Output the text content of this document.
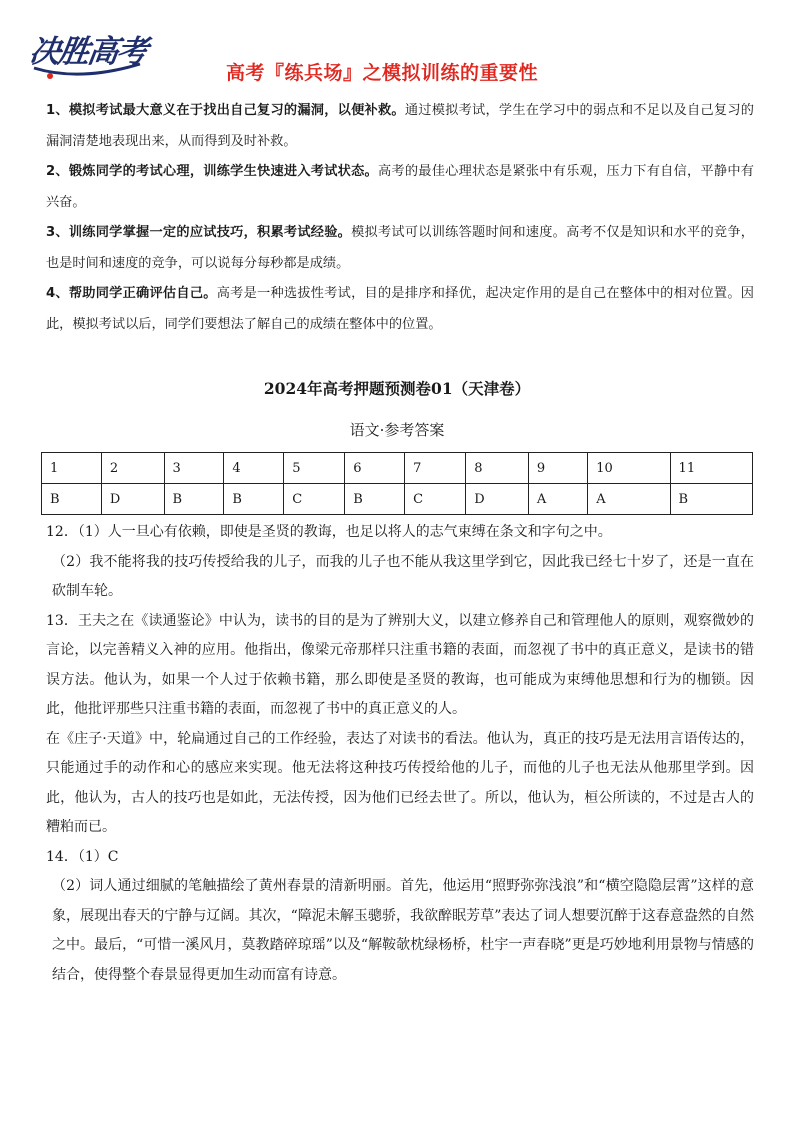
决胜高考
高考『练兵场』之模拟训练的重要性

1、模拟考试最大意义在于找出自己复习的漏洞，以便补救。通过模拟考试，学生在学习中的弱点和不足以及自己复习的漏洞清楚地表现出来，从而得到及时补救。

2、锻炼同学的考试心理，训练学生快速进入考试状态。高考的最佳心理状态是紧张中有乐观，压力下有自信，平静中有兴奋。

3、训练同学掌握一定的应试技巧，积累考试经验。模拟考试可以训练答题时间和速度。高考不仅是知识和水平的竞争，也是时间和速度的竞争，可以说每分每秒都是成绩。

4、帮助同学正确评估自己。高考是一种选拔性考试，目的是排序和择优，起决定作用的是自己在整体中的相对位置。因此，模拟考试以后，同学们要想法了解自己的成绩在整体中的位置。

2024年高考押题预测卷01（天津卷）
语文·参考答案
1	2	3	4	5	6	7	8	9	10	11
B	D	B	B	C	B	C	D	A	A	B

12．（1）人一旦心有依赖，即使是圣贤的教诲，也足以将人的志气束缚在条文和字句之中。

（2）我不能将我的技巧传授给我的儿子，而我的儿子也不能从我这里学到它，因此我已经七十岁了，还是一直在砍制车轮。

13．王夫之在《读通鉴论》中认为，读书的目的是为了辨别大义，以建立修养自己和管理他人的原则，观察微妙的言论，以完善精义入神的应用。他指出，像梁元帝那样只注重书籍的表面，而忽视了书中的真正意义，是读书的错误方法。他认为，如果一个人过于依赖书籍，那么即使是圣贤的教诲，也可能成为束缚他思想和行为的枷锁。因此，他批评那些只注重书籍的表面，而忽视了书中的真正意义的人。

在《庄子·天道》中，轮扁通过自己的工作经验，表达了对读书的看法。他认为，真正的技巧是无法用言语传达的，只能通过手的动作和心的感应来实现。他无法将这种技巧传授给他的儿子，而他的儿子也无法从他那里学到。因此，他认为，古人的技巧也是如此，无法传授，因为他们已经去世了。所以，他认为，桓公所读的，不过是古人的糟粕而已。

14．（1）C

（2）词人通过细腻的笔触描绘了黄州春景的清新明丽。首先，他运用“照野弥弥浅浪”和“横空隐隐层霄”这样的意象，展现出春天的宁静与辽阔。其次，“障泥未解玉骢骄，我欲醉眠芳草”表达了词人想要沉醉于这春意盎然的自然之中。最后，“可惜一溪风月，莫教踏碎琼瑶”以及“解鞍欹枕绿杨桥，杜宇一声春晓”更是巧妙地利用景物与情感的结合，使得整个春景显得更加生动而富有诗意。
